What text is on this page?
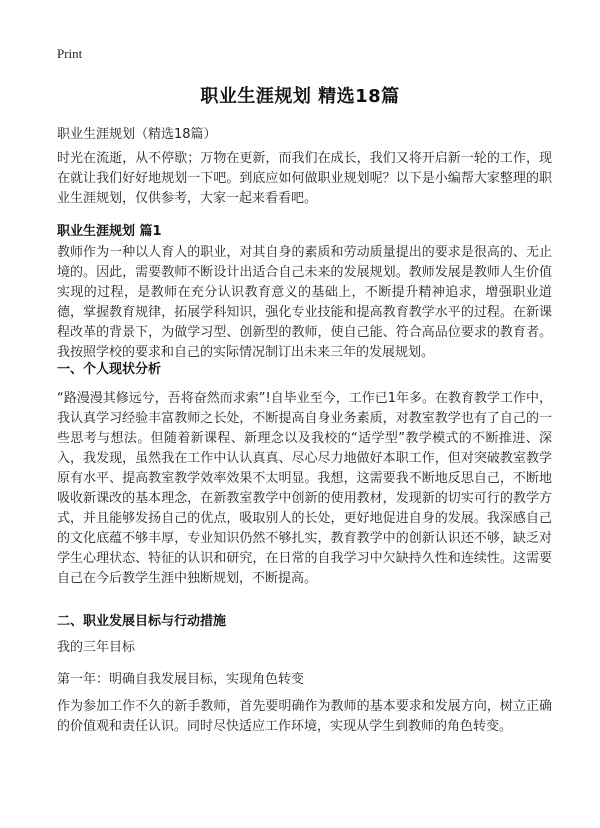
Print
职业生涯规划 精选18篇
职业生涯规划（精选18篇）

时光在流逝，从不停歇；万物在更新，而我们在成长，我们又将开启新一轮的工作，现在就让我们好好地规划一下吧。到底应如何做职业规划呢？以下是小编帮大家整理的职业生涯规划，仅供参考，大家一起来看看吧。

职业生涯规划 篇1

教师作为一种以人育人的职业，对其自身的素质和劳动质量提出的要求是很高的、无止境的。因此，需要教师不断设计出适合自己未来的发展规划。教师发展是教师人生价值实现的过程，是教师在充分认识教育意义的基础上，不断提升精神追求，增强职业道德，掌握教育规律，拓展学科知识，强化专业技能和提高教育教学水平的过程。在新课程改革的背景下，为做学习型、创新型的教师，使自己能、符合高品位要求的教育者。我按照学校的要求和自己的实际情况制订出未来三年的发展规划。

一、个人现状分析

“路漫漫其修远兮，吾将奋然而求索”!自毕业至今，工作已1年多。在教育教学工作中，我认真学习经验丰富教师之长处，不断提高自身业务素质，对教室教学也有了自己的一些思考与想法。但随着新课程、新理念以及我校的“适学型”教学模式的不断推进、深入，我发现，虽然我在工作中认认真真、尽心尽力地做好本职工作，但对突破教室教学原有水平、提高教室教学效率效果不太明显。我想，这需要我不断地反思自己，不断地吸收新课改的基本理念，在新教室教学中创新的使用教材，发现新的切实可行的教学方式，并且能够发扬自己的优点，吸取别人的长处，更好地促进自身的发展。我深感自己的文化底蕴不够丰厚，专业知识仍然不够扎实，教育教学中的创新认识还不够，缺乏对学生心理状态、特征的认识和研究，在日常的自我学习中欠缺持久性和连续性。这需要自己在今后教学生涯中独断规划，不断提高。

二、职业发展目标与行动措施

我的三年目标

第一年：明确自我发展目标，实现角色转变

作为参加工作不久的新手教师，首先要明确作为教师的基本要求和发展方向，树立正确的价值观和责任认识。同时尽快适应工作环境，实现从学生到教师的角色转变。
